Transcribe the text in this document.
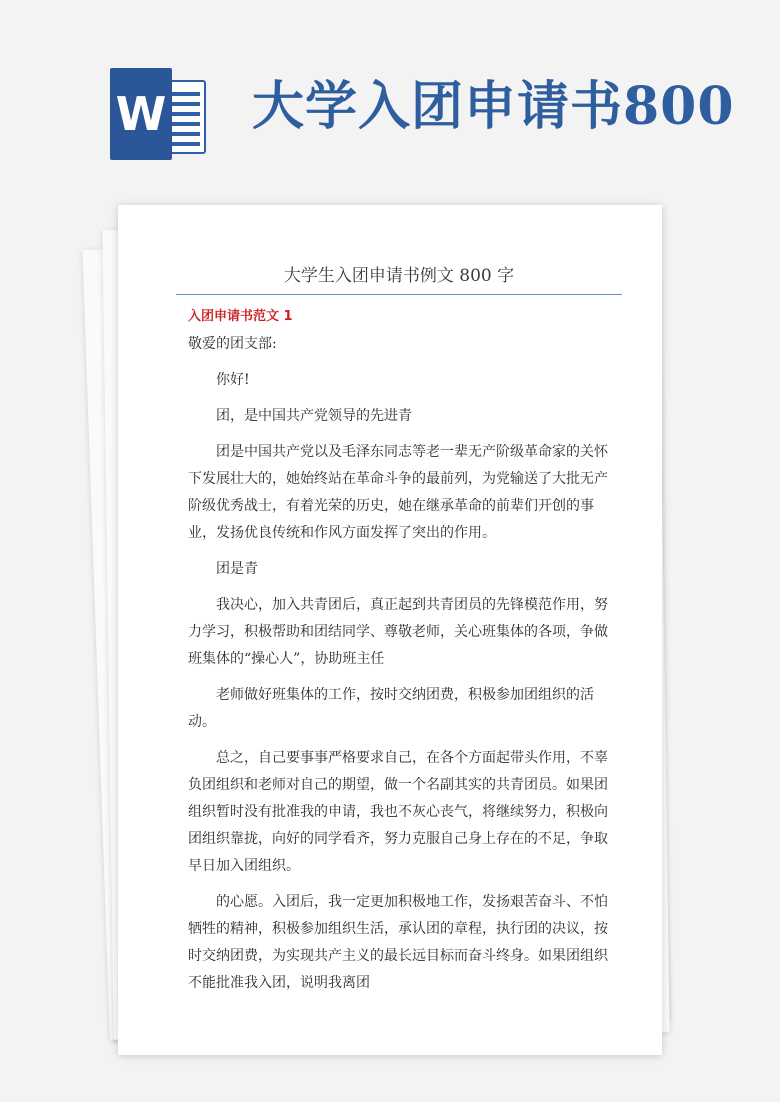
W 大学入团申请书800
大学生入团申请书例文 800 字
入团申请书范文 1

敬爱的团支部:

你好!

团，是中国共产党领导的先进青

团是中国共产党以及毛泽东同志等老一辈无产阶级革命家的关怀下发展壮大的，她始终站在革命斗争的最前列，为党输送了大批无产阶级优秀战士，有着光荣的历史，她在继承革命的前辈们开创的事业，发扬优良传统和作风方面发挥了突出的作用。

团是青

我决心，加入共青团后，真正起到共青团员的先锋模范作用，努力学习，积极帮助和团结同学、尊敬老师，关心班集体的各项，争做班集体的“操心人”，协助班主任

老师做好班集体的工作，按时交纳团费，积极参加团组织的活动。

总之，自己要事事严格要求自己，在各个方面起带头作用，不辜负团组织和老师对自己的期望，做一个名副其实的共青团员。如果团组织暂时没有批准我的申请，我也不灰心丧气，将继续努力，积极向团组织靠拢，向好的同学看齐，努力克服自己身上存在的不足，争取早日加入团组织。

的心愿。入团后，我一定更加积极地工作，发扬艰苦奋斗、不怕牺牲的精神，积极参加组织生活，承认团的章程，执行团的决议，按时交纳团费，为实现共产主义的最长远目标而奋斗终身。如果团组织不能批准我入团，说明我离团
